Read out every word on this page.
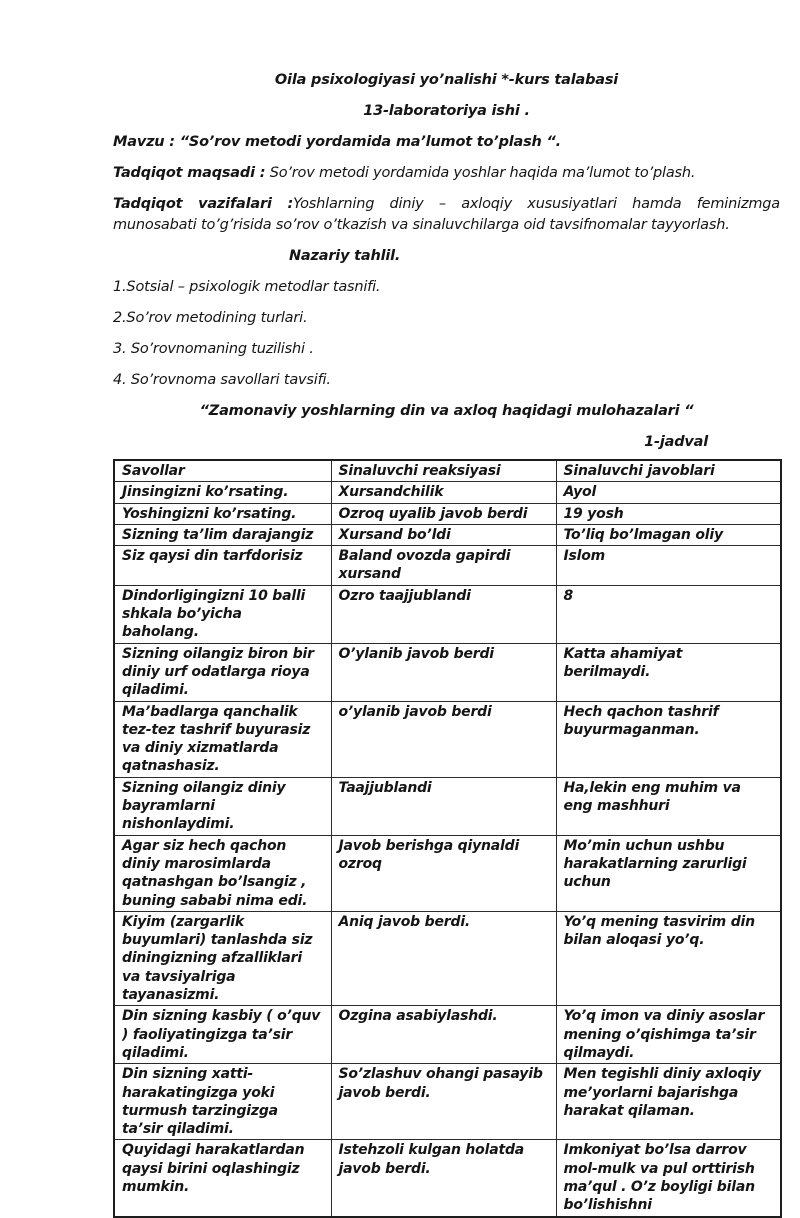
Oila psixologiyasi yo’nalishi *-kurs talabasi

13-laboratoriya ishi .

Mavzu : “So’rov metodi yordamida ma’lumot to’plash “.

Tadqiqot maqsadi : So’rov metodi yordamida yoshlar haqida ma’lumot to’plash.

Tadqiqot vazifalari :Yoshlarning diniy – axloqiy xususiyatlari hamda feminizmga munosabati to’g’risida so’rov o’tkazish va sinaluvchilarga oid tavsifnomalar tayyorlash.

Nazariy tahlil.

1.Sotsial – psixologik metodlar tasnifi.

2.So’rov metodining turlari.

3. So’rovnomaning tuzilishi .

4. So’rovnoma savollari tavsifi.

“Zamonaviy yoshlarning din va axloq haqidagi mulohazalari “

1-jadval

Savollar	Sinaluvchi reaksiyasi	Sinaluvchi javoblari
Jinsingizni ko’rsating.	Xursandchilik	Ayol
Yoshingizni ko’rsating.	Ozroq uyalib javob berdi	19 yosh
Sizning ta’lim darajangiz	Xursand bo’ldi	To’liq bo’lmagan oliy
Siz qaysi din tarfdorisiz	Baland ovozda gapirdi xursand	Islom
Dindorligingizni 10 balli shkala bo’yicha baholang.	Ozro taajjublandi	8
Sizning oilangiz biron bir diniy urf odatlarga rioya qiladimi.	O’ylanib javob berdi	Katta ahamiyat berilmaydi.
Ma’badlarga qanchalik tez-tez tashrif buyurasiz va diniy xizmatlarda qatnashasiz.	o’ylanib javob berdi	Hech qachon tashrif buyurmaganman.
Sizning oilangiz diniy bayramlarni nishonlaydimi.	Taajjublandi	Ha,lekin eng muhim va eng mashhuri
Agar siz hech qachon diniy marosimlarda qatnashgan bo’lsangiz , buning sababi nima edi.	Javob berishga qiynaldi ozroq	Mo’min uchun ushbu harakatlarning zarurligi uchun
Kiyim (zargarlik buyumlari) tanlashda siz diningizning afzalliklari va tavsiyalriga tayanasizmi.	Aniq javob berdi.	Yo’q mening tasvirim din bilan aloqasi yo’q.
Din sizning kasbiy ( o’quv ) faoliyatingizga ta’sir qiladimi.	Ozgina asabiylashdi.	Yo’q imon va diniy asoslar mening o’qishimga ta’sir qilmaydi.
Din sizning xatti-harakatingizga yoki turmush tarzingizga ta’sir qiladimi.	So’zlashuv ohangi pasayib javob berdi.	Men tegishli diniy axloqiy me’yorlarni bajarishga harakat qilaman.
Quyidagi harakatlardan qaysi birini oqlashingiz mumkin.	Istehzoli kulgan holatda javob berdi.	Imkoniyat bo’lsa darrov mol-mulk va pul orttirish ma’qul . O’z boyligi bilan bo’lishishni
